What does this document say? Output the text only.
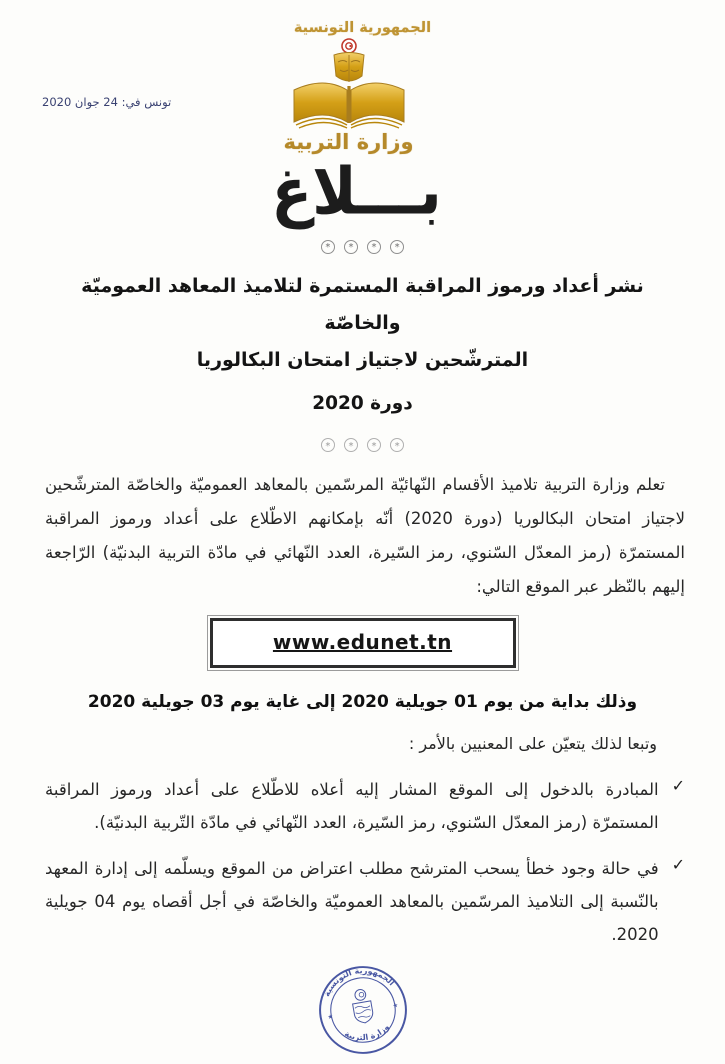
تونس في: 24 جوان 2020
الجمهورية التونسية
وزارة التربية
بـــلاغ
* * * *
نشر أعداد ورموز المراقبة المستمرة لتلاميذ المعاهد العموميّة والخاصّة
المترشّحين لاجتياز امتحان البكالوريا
دورة 2020
* * * *

تعلم وزارة التربية تلاميذ الأقسام النّهائيّة المرسّمين بالمعاهد العموميّة والخاصّة المترشّحين لاجتياز امتحان البكالوريا (دورة 2020) أنّه بإمكانهم الاطّلاع على أعداد ورموز المراقبة المستمرّة (رمز المعدّل السّنوي، رمز السّيرة، العدد النّهائي في مادّة التربية البدنيّة) الرّاجعة إليهم بالنّظر عبر الموقع التالي:

www.edunet.tn
وذلك بداية من يوم 01 جويلية 2020 إلى غاية يوم 03 جويلية 2020
وتبعا لذلك يتعيّن على المعنيين بالأمر :
✓
المبادرة بالدخول إلى الموقع المشار إليه أعلاه للاطّلاع على أعداد ورموز المراقبة المستمرّة (رمز المعدّل السّنوي، رمز السّيرة، العدد النّهائي في مادّة التّربية البدنيّة).
✓
في حالة وجود خطأ يسحب المترشح مطلب اعتراض من الموقع ويسلّمه إلى إدارة المعهد بالنّسبة إلى التلاميذ المرسّمين بالمعاهد العموميّة والخاصّة في أجل أقصاه يوم 04 جويلية 2020.
الجمهورية التونسية
وزارة التربية
★
★
